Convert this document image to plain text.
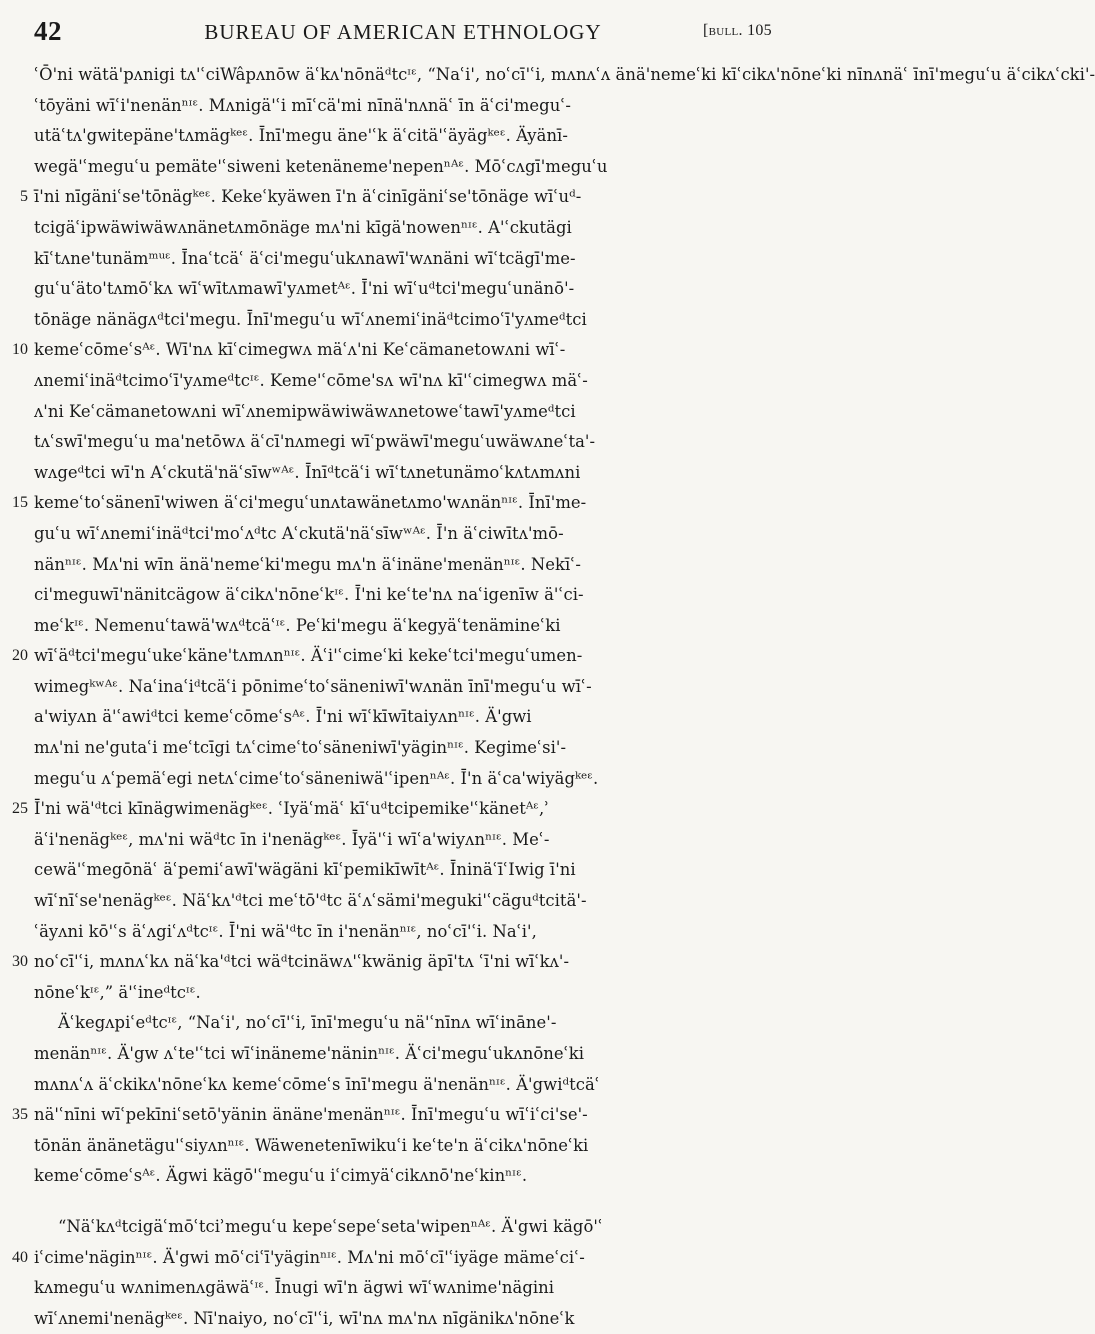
42	BUREAU OF AMERICAN ETHNOLOGY	[bull. 105
ʿŌ'ni wätä'pʌnigi tʌ'ʿciWâpʌnōw äʿkʌ'nōnäᵈtcᶦᵋ, “Naʿi', noʿcī'ʿi, mʌnʌʿʌ änä'nemeʿki kīʿcikʌ'nōneʿki nīnʌnäʿ īnī'meguʿu äʿcikʌʿcki'-
ʿtōyäni wīʿi'nenänⁿᶦᵋ. Mʌnigä'ʿi mīʿcä'mi nīnä'nʌnäʿ īn äʿci'meguʿ-
utäʿtʌ'gwitepäne'tʌmägᵏᵉᵋ. Īnī'megu äne'ʿk äʿcitä'ʿäyägᵏᵉᵋ. Äyänī-
wegä'ʿmeguʿu pemäte'ʿsiweni ketenäneme'nepenⁿᴬᵋ. Mōʿcʌgī'meguʿu
5 ī'ni nīgäniʿse'tōnägᵏᵉᵋ. Kekeʿkyäwen ī'n äʿcinīgäniʿse'tōnäge wīʿuᵈ-
tcigäʿipwäwiwäwʌnänetʌmōnäge mʌ'ni kīgä'nowenⁿᶦᵋ. A'ʿckutägi
kīʿtʌne'tunämᵐᵘᵋ. Īnaʿtcäʿ äʿci'meguʿukʌnawī'wʌnäni wīʿtcägī'me-
guʿuʿäto'tʌmōʿkʌ wīʿwītʌmawī'yʌmetᴬᵋ. Ī'ni wīʿuᵈtci'meguʿunänō'-
tōnäge nänägʌᵈtci'megu. Īnī'meguʿu wīʿʌnemiʿinäᵈtcimoʿī'yʌmeᵈtci
10 kemeʿcōmeʿsᴬᵋ. Wī'nʌ kīʿcimegwʌ mäʿʌ'ni Keʿcämanetowʌni wīʿ-
ʌnemiʿinäᵈtcimoʿī'yʌmeᵈtcᶦᵋ. Keme'ʿcōme'sʌ wī'nʌ kī'ʿcimegwʌ mäʿ-
ʌ'ni Keʿcämanetowʌni wīʿʌnemipwäwiwäwʌnetoweʿtawī'yʌmeᵈtci
tʌʿswī'meguʿu ma'netōwʌ äʿcī'nʌmegi wīʿpwäwī'meguʿuwäwʌneʿta'-
wʌgeᵈtci wī'n Aʿckutä'näʿsīwʷᴬᵋ. Īnīᵈtcäʿi wīʿtʌnetunämoʿkʌtʌmʌni
15 kemeʿtoʿsänenī'wiwen äʿci'meguʿunʌtawänetʌmo'wʌnänⁿᶦᵋ. Īnī'me-
guʿu wīʿʌnemiʿinäᵈtci'moʿʌᵈtc Aʿckutä'näʿsīwʷᴬᵋ. Ī'n äʿciwītʌ'mō-
nänⁿᶦᵋ. Mʌ'ni wīn änä'nemeʿki'megu mʌ'n äʿinäne'menänⁿᶦᵋ. Nekīʿ-
ci'meguwī'nänitcägow äʿcikʌ'nōneʿkᶦᵋ. Ī'ni keʿte'nʌ naʿigenīw ä'ʿci-
meʿkᶦᵋ. Nemenuʿtawä'wʌᵈtcäʿᶦᵋ. Peʿki'megu äʿkegyäʿtenämineʿki
20 wīʿäᵈtci'meguʿukeʿkäne'tʌmʌnⁿᶦᵋ. Äʿi'ʿcimeʿki kekeʿtci'meguʿumen-
wimegᵏʷᴬᵋ. Naʿinaʿiᵈtcäʿi pōnimeʿtoʿsäneniwī'wʌnän īnī'meguʿu wīʿ-
a'wiyʌn ä'ʿawiᵈtci kemeʿcōmeʿsᴬᵋ. Ī'ni wīʿkīwītaiyʌnⁿᶦᵋ. Ä'gwi
mʌ'ni ne'gutaʿi meʿtcīgi tʌʿcimeʿtoʿsäneniwī'yäginⁿᶦᵋ. Kegimeʿsi'-
meguʿu ʌʿpemäʿegi netʌʿcimeʿtoʿsäneniwä'ʿipenⁿᴬᵋ. Ī'n äʿca'wiyägᵏᵉᵋ.
25 Ī'ni wä'ᵈtci kīnägwimenägᵏᵉᵋ. ʿIyäʿmäʿ kīʿuᵈtcipemike'ʿkänetᴬᵋ,ʾ
äʿi'nenägᵏᵉᵋ, mʌ'ni wäᵈtc īn i'nenägᵏᵉᵋ. Īyä'ʿi wīʿa'wiyʌnⁿᶦᵋ. Meʿ-
cewä'ʿmegōnäʿ äʿpemiʿawī'wägäni kīʿpemikīwītᴬᵋ. ĪninäʿīʿIwig ī'ni
wīʿnīʿse'nenägᵏᵉᵋ. Näʿkʌ'ᵈtci meʿtō'ᵈtc äʿʌʿsämi'meguki'ʿcäguᵈtcitä'-
ʿäyʌni kō'ʿs äʿʌgiʿʌᵈtcᶦᵋ. Ī'ni wä'ᵈtc īn i'nenänⁿᶦᵋ, noʿcī'ʿi. Naʿi',
30 noʿcī'ʿi, mʌnʌʿkʌ näʿka'ᵈtci wäᵈtcinäwʌ'ʿkwänig äpī'tʌ ʿī'ni wīʿkʌ'-
nōneʿkᶦᵋ,” ä'ʿineᵈtcᶦᵋ.
Äʿkegʌpiʿeᵈtcᶦᵋ, “Naʿi', noʿcī'ʿi, īnī'meguʿu nä'ʿnīnʌ wīʿināne'-
menänⁿᶦᵋ. Ä'gw ʌʿte'ʿtci wīʿinäneme'näninⁿᶦᵋ. Äʿci'meguʿukʌnōneʿki
mʌnʌʿʌ äʿckikʌ'nōneʿkʌ kemeʿcōmeʿs īnī'megu ä'nenänⁿᶦᵋ. Ä'gwiᵈtcäʿ
35 nä'ʿnīni wīʿpekīniʿsetō'yänin änäne'menänⁿᶦᵋ. Īnī'meguʿu wīʿiʿci'se'-
tōnän änänetägu'ʿsiyʌnⁿᶦᵋ. Wäwenetenīwikuʿi keʿte'n äʿcikʌ'nōneʿki
kemeʿcōmeʿsᴬᵋ. Ägwi kägō'ʿmeguʿu iʿcimyäʿcikʌnō'neʿkinⁿᶦᵋ.
“Näʿkʌᵈtcigäʿmōʿtciʾmeguʿu kepeʿsepeʿseta'wipenⁿᴬᵋ. Ä'gwi kägō'ʿ
40 iʿcime'näginⁿᶦᵋ. Ä'gwi mōʿciʿī'yäginⁿᶦᵋ. Mʌ'ni mōʿcī'ʿiyäge mämeʿciʿ-
kʌmeguʿu wʌnimenʌgäwäʿᶦᵋ. Īnugi wī'n ägwi wīʿwʌnime'nägini
wīʿʌnemi'nenägᵏᵉᵋ. Nī'naiyo, noʿcī'ʿi, wī'nʌ mʌ'nʌ nīgänikʌ'nōneʿk
